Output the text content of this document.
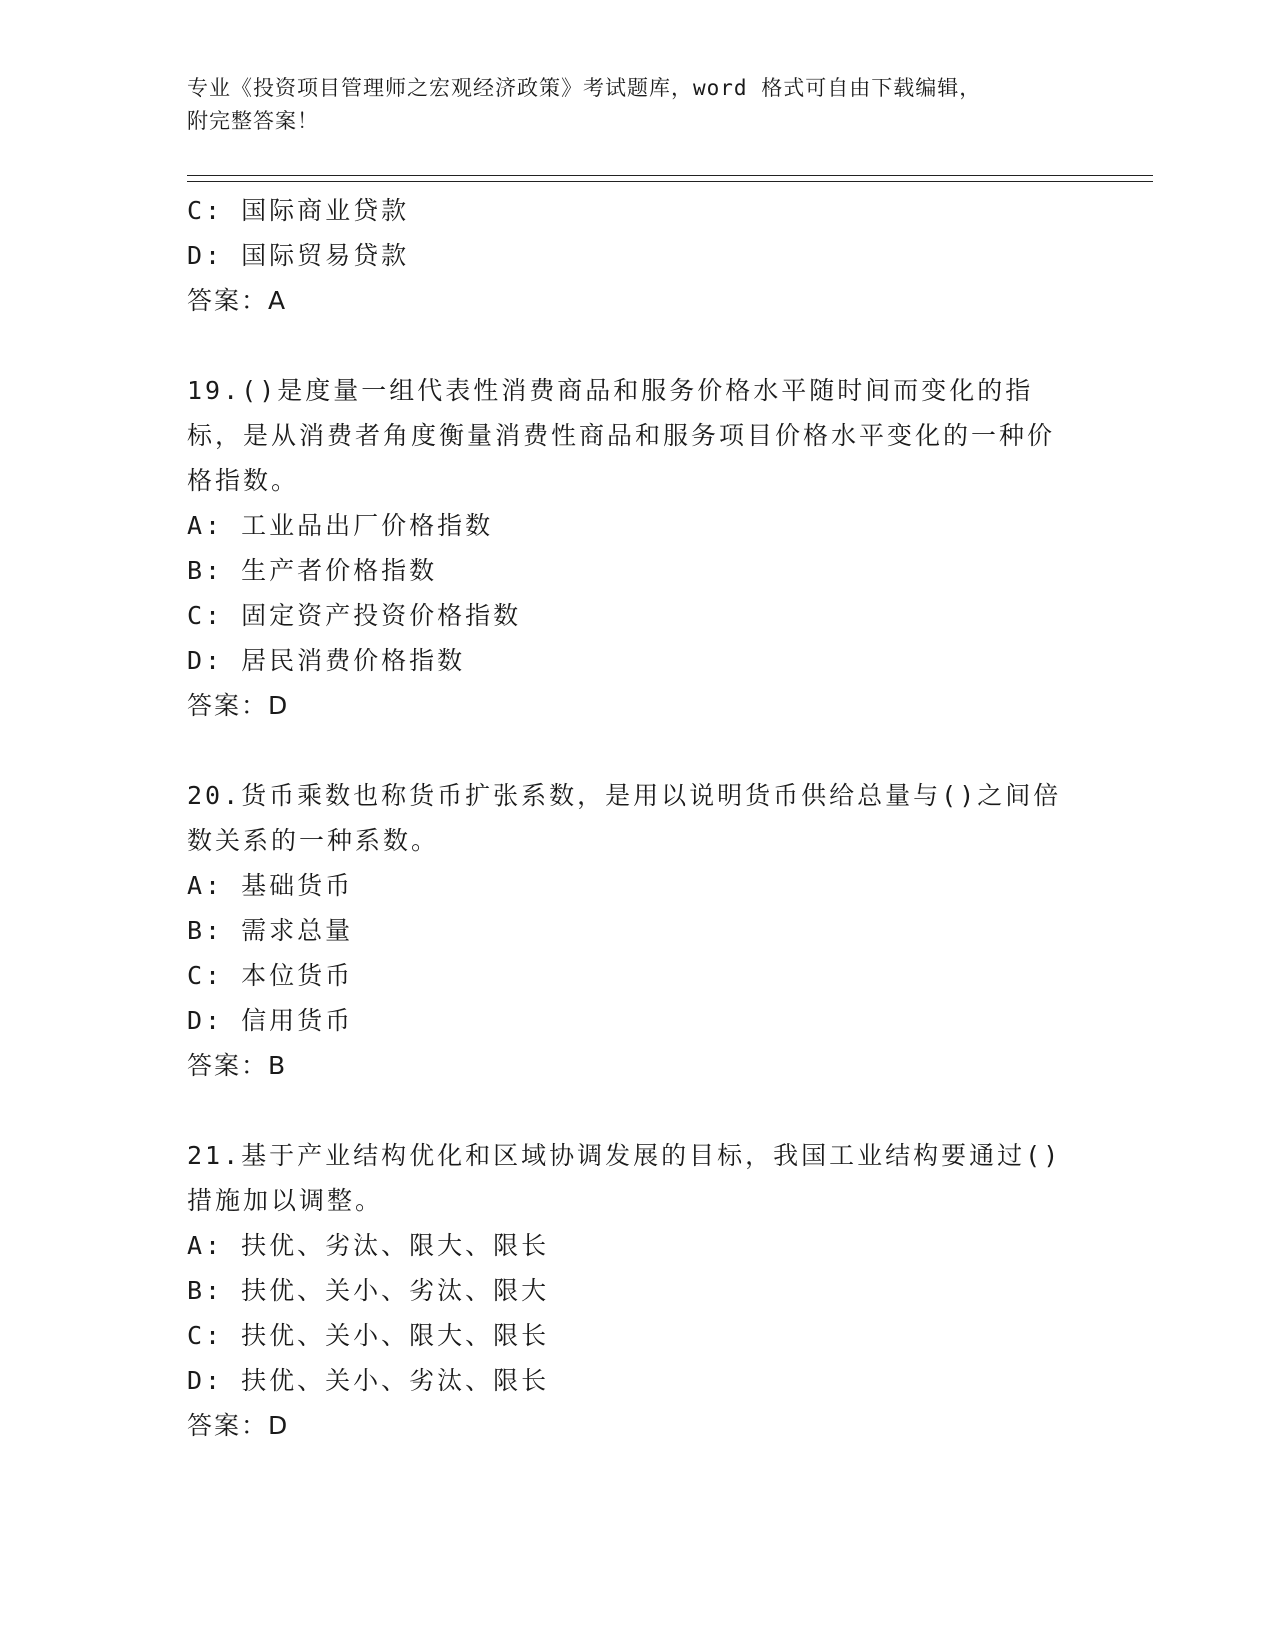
专业《投资项目管理师之宏观经济政策》考试题库，word 格式可自由下载编辑，
附完整答案！
C: 国际商业贷款
D: 国际贸易贷款
答案：A
19.()是度量一组代表性消费商品和服务价格水平随时间而变化的指标，是从消费者角度衡量消费性商品和服务项目价格水平变化的一种价格指数。
A: 工业品出厂价格指数
B: 生产者价格指数
C: 固定资产投资价格指数
D: 居民消费价格指数
答案：D
20.货币乘数也称货币扩张系数，是用以说明货币供给总量与()之间倍数关系的一种系数。
A: 基础货币
B: 需求总量
C: 本位货币
D: 信用货币
答案：B
21.基于产业结构优化和区域协调发展的目标，我国工业结构要通过()措施加以调整。
A: 扶优、劣汰、限大、限长
B: 扶优、关小、劣汰、限大
C: 扶优、关小、限大、限长
D: 扶优、关小、劣汰、限长
答案：D
